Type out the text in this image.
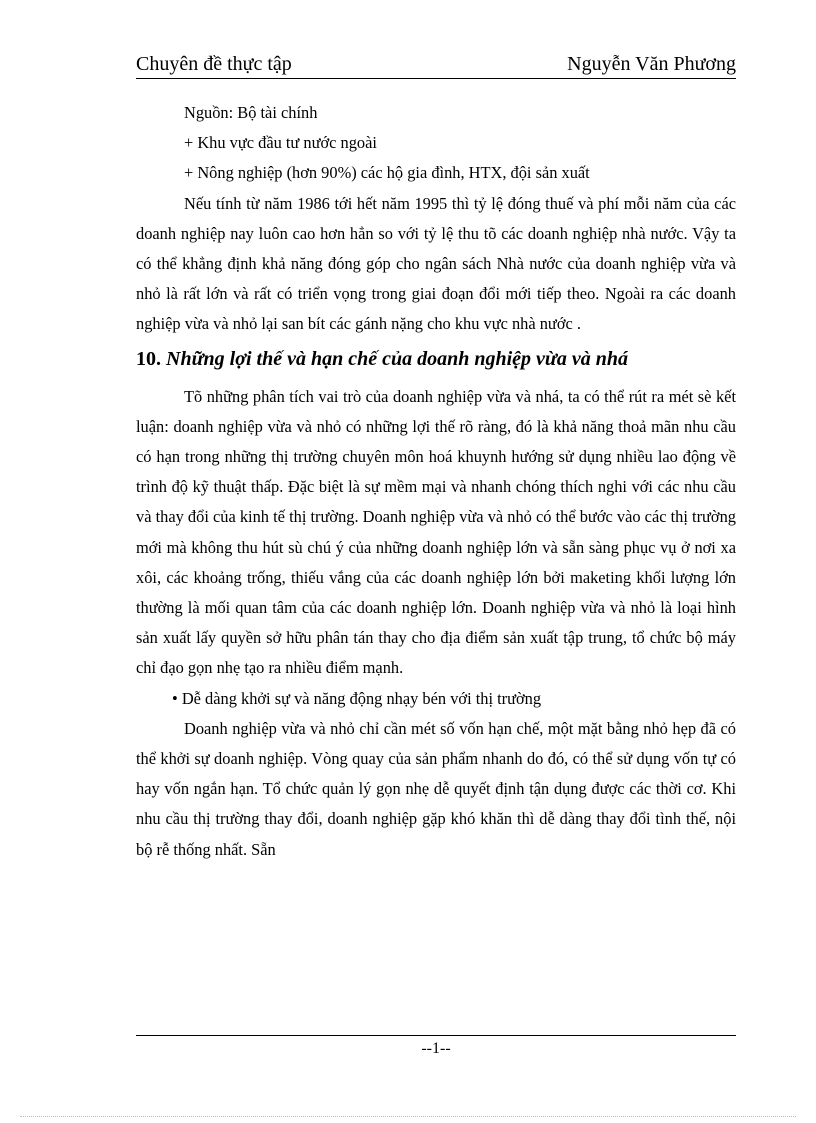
Chuyên đề thực tập	Nguyễn Văn Phương

Nguồn: Bộ tài chính

+ Khu vực đầu tư nước ngoài

+ Nông nghiệp (hơn 90%) các hộ gia đình, HTX, đội sản xuất

Nếu tính từ năm 1986 tới hết năm 1995 thì tỷ lệ đóng thuế và phí mỗi năm của các doanh nghiệp nay luôn cao hơn hẳn so với tỷ lệ thu tõ các doanh nghiệp nhà nước. Vậy ta có thể khẳng định khả năng đóng góp cho ngân sách Nhà nước của doanh nghiệp vừa và nhỏ là rất lớn và rất có triển vọng trong giai đoạn đổi mới tiếp theo. Ngoài ra các doanh nghiệp vừa và nhỏ lại san bít các gánh nặng cho khu vực nhà nước .

10. Những lợi thế và hạn chế của doanh nghiệp vừa và nhá

Tõ những phân tích vai trò của doanh nghiệp vừa và nhá, ta có thể rút ra mét sè kết luận: doanh nghiệp vừa và nhỏ có những lợi thế rõ ràng, đó là khả năng thoả mãn nhu cầu có hạn trong những thị trường chuyên môn hoá khuynh hướng sử dụng nhiều lao động về trình độ kỹ thuật thấp. Đặc biệt là sự mềm mại và nhanh chóng thích nghi với các nhu cầu và thay đổi của kinh tế thị trường. Doanh nghiệp vừa và nhỏ có thể bước vào các thị trường mới mà không thu hút sù chú ý của những doanh nghiệp lớn và sẵn sàng phục vụ ở nơi xa xôi, các khoảng trống, thiếu vắng của các doanh nghiệp lớn bởi maketing khối lượng lớn thường là mối quan tâm của các doanh nghiệp lớn. Doanh nghiệp vừa và nhỏ là loại hình sản xuất lấy quyền sở hữu phân tán thay cho địa điểm sản xuất tập trung, tổ chức bộ máy chỉ đạo gọn nhẹ tạo ra nhiều điểm mạnh.

• Dễ dàng khởi sự và năng động nhạy bén với thị trường

Doanh nghiệp vừa và nhỏ chỉ cần mét số vốn hạn chế, một mặt bằng nhỏ hẹp đã có thể khởi sự doanh nghiệp. Vòng quay của sản phẩm nhanh do đó, có thể sử dụng vốn tự có hay vốn ngắn hạn. Tổ chức quản lý gọn nhẹ dễ quyết định tận dụng được các thời cơ. Khi nhu cầu thị trường thay đổi, doanh nghiệp gặp khó khăn thì dễ dàng thay đổi tình thế, nội bộ rễ thống nhất. Sẵn

--1--
